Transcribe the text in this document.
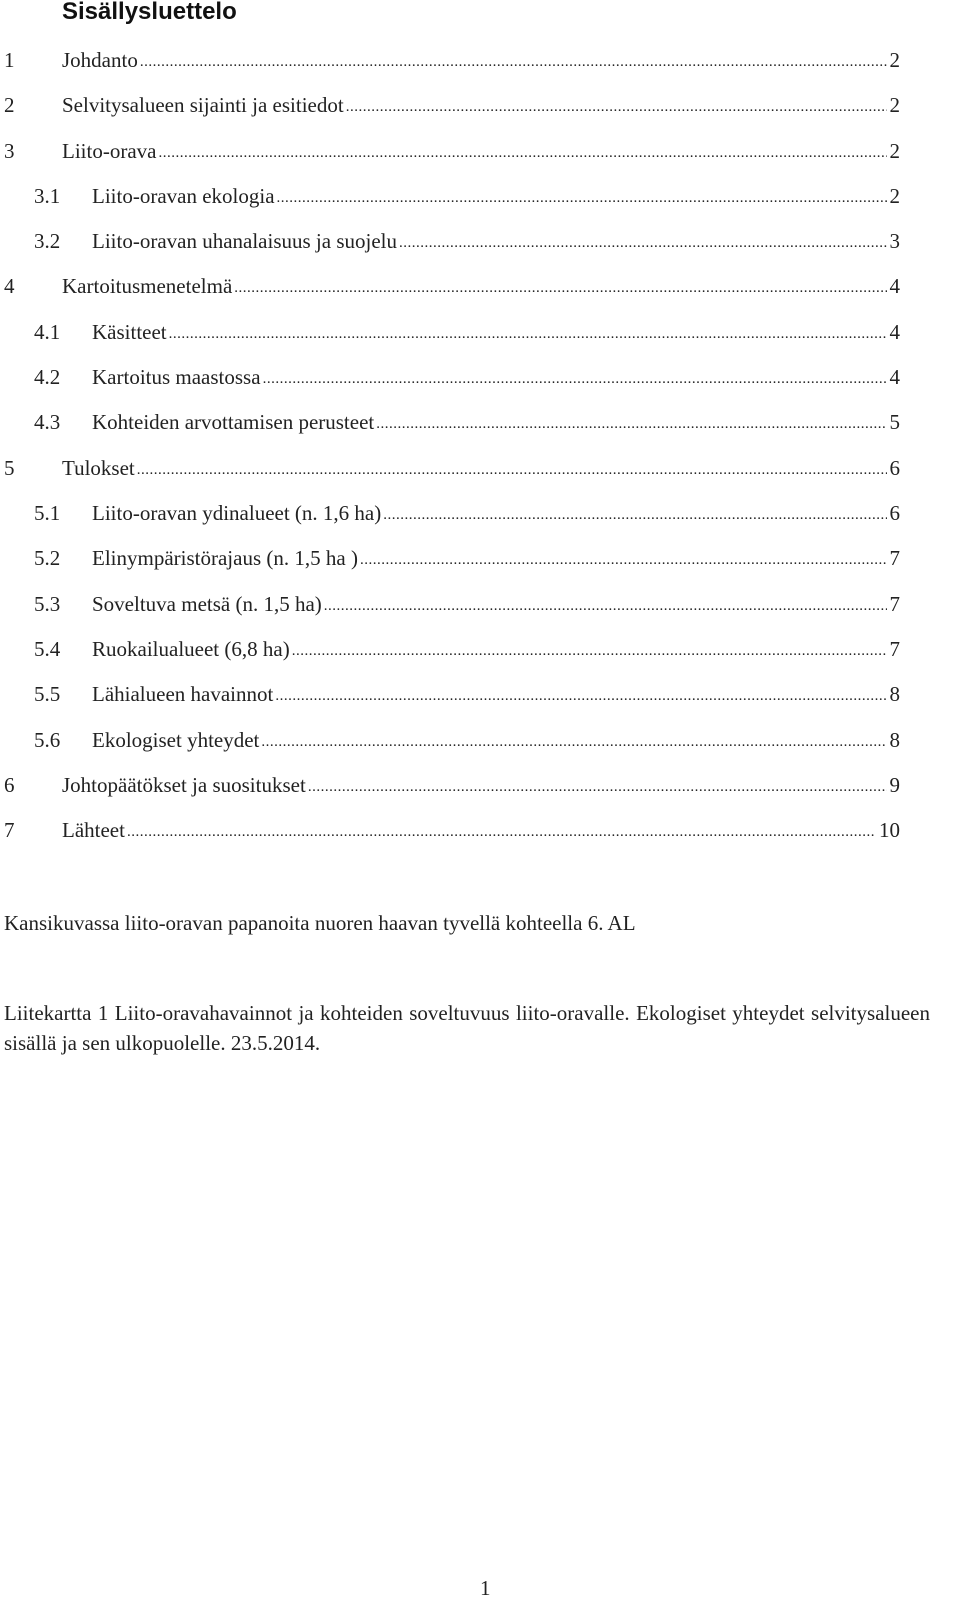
Sisällysluettelo
1	Johdanto .....	2
2	Selvitysalueen sijainti ja esitiedot .....	2
3	Liito-orava .....	2
3.1	Liito-oravan ekologia .....	2
3.2	Liito-oravan uhanalaisuus ja suojelu .....	3
4	Kartoitusmenetelmä .....	4
4.1	Käsitteet .....	4
4.2	Kartoitus maastossa .....	4
4.3	Kohteiden arvottamisen perusteet .....	5
5	Tulokset .....	6
5.1	Liito-oravan ydinalueet (n. 1,6 ha) .....	6
5.2	Elinympäristörajaus (n. 1,5 ha ) .....	7
5.3	Soveltuva metsä (n. 1,5 ha) .....	7
5.4	Ruokailualueet (6,8 ha) .....	7
5.5	Lähialueen havainnot .....	8
5.6	Ekologiset yhteydet .....	8
6	Johtopäätökset ja suositukset .....	9
7	Lähteet .....	10

Kansikuvassa liito-oravan papanoita nuoren haavan tyvellä kohteella 6. AL

Liitekartta 1 Liito-oravahavainnot ja kohteiden soveltuvuus liito-oravalle. Ekologiset yhteydet selvitysalueen sisällä ja sen ulkopuolelle. 23.5.2014.

1
